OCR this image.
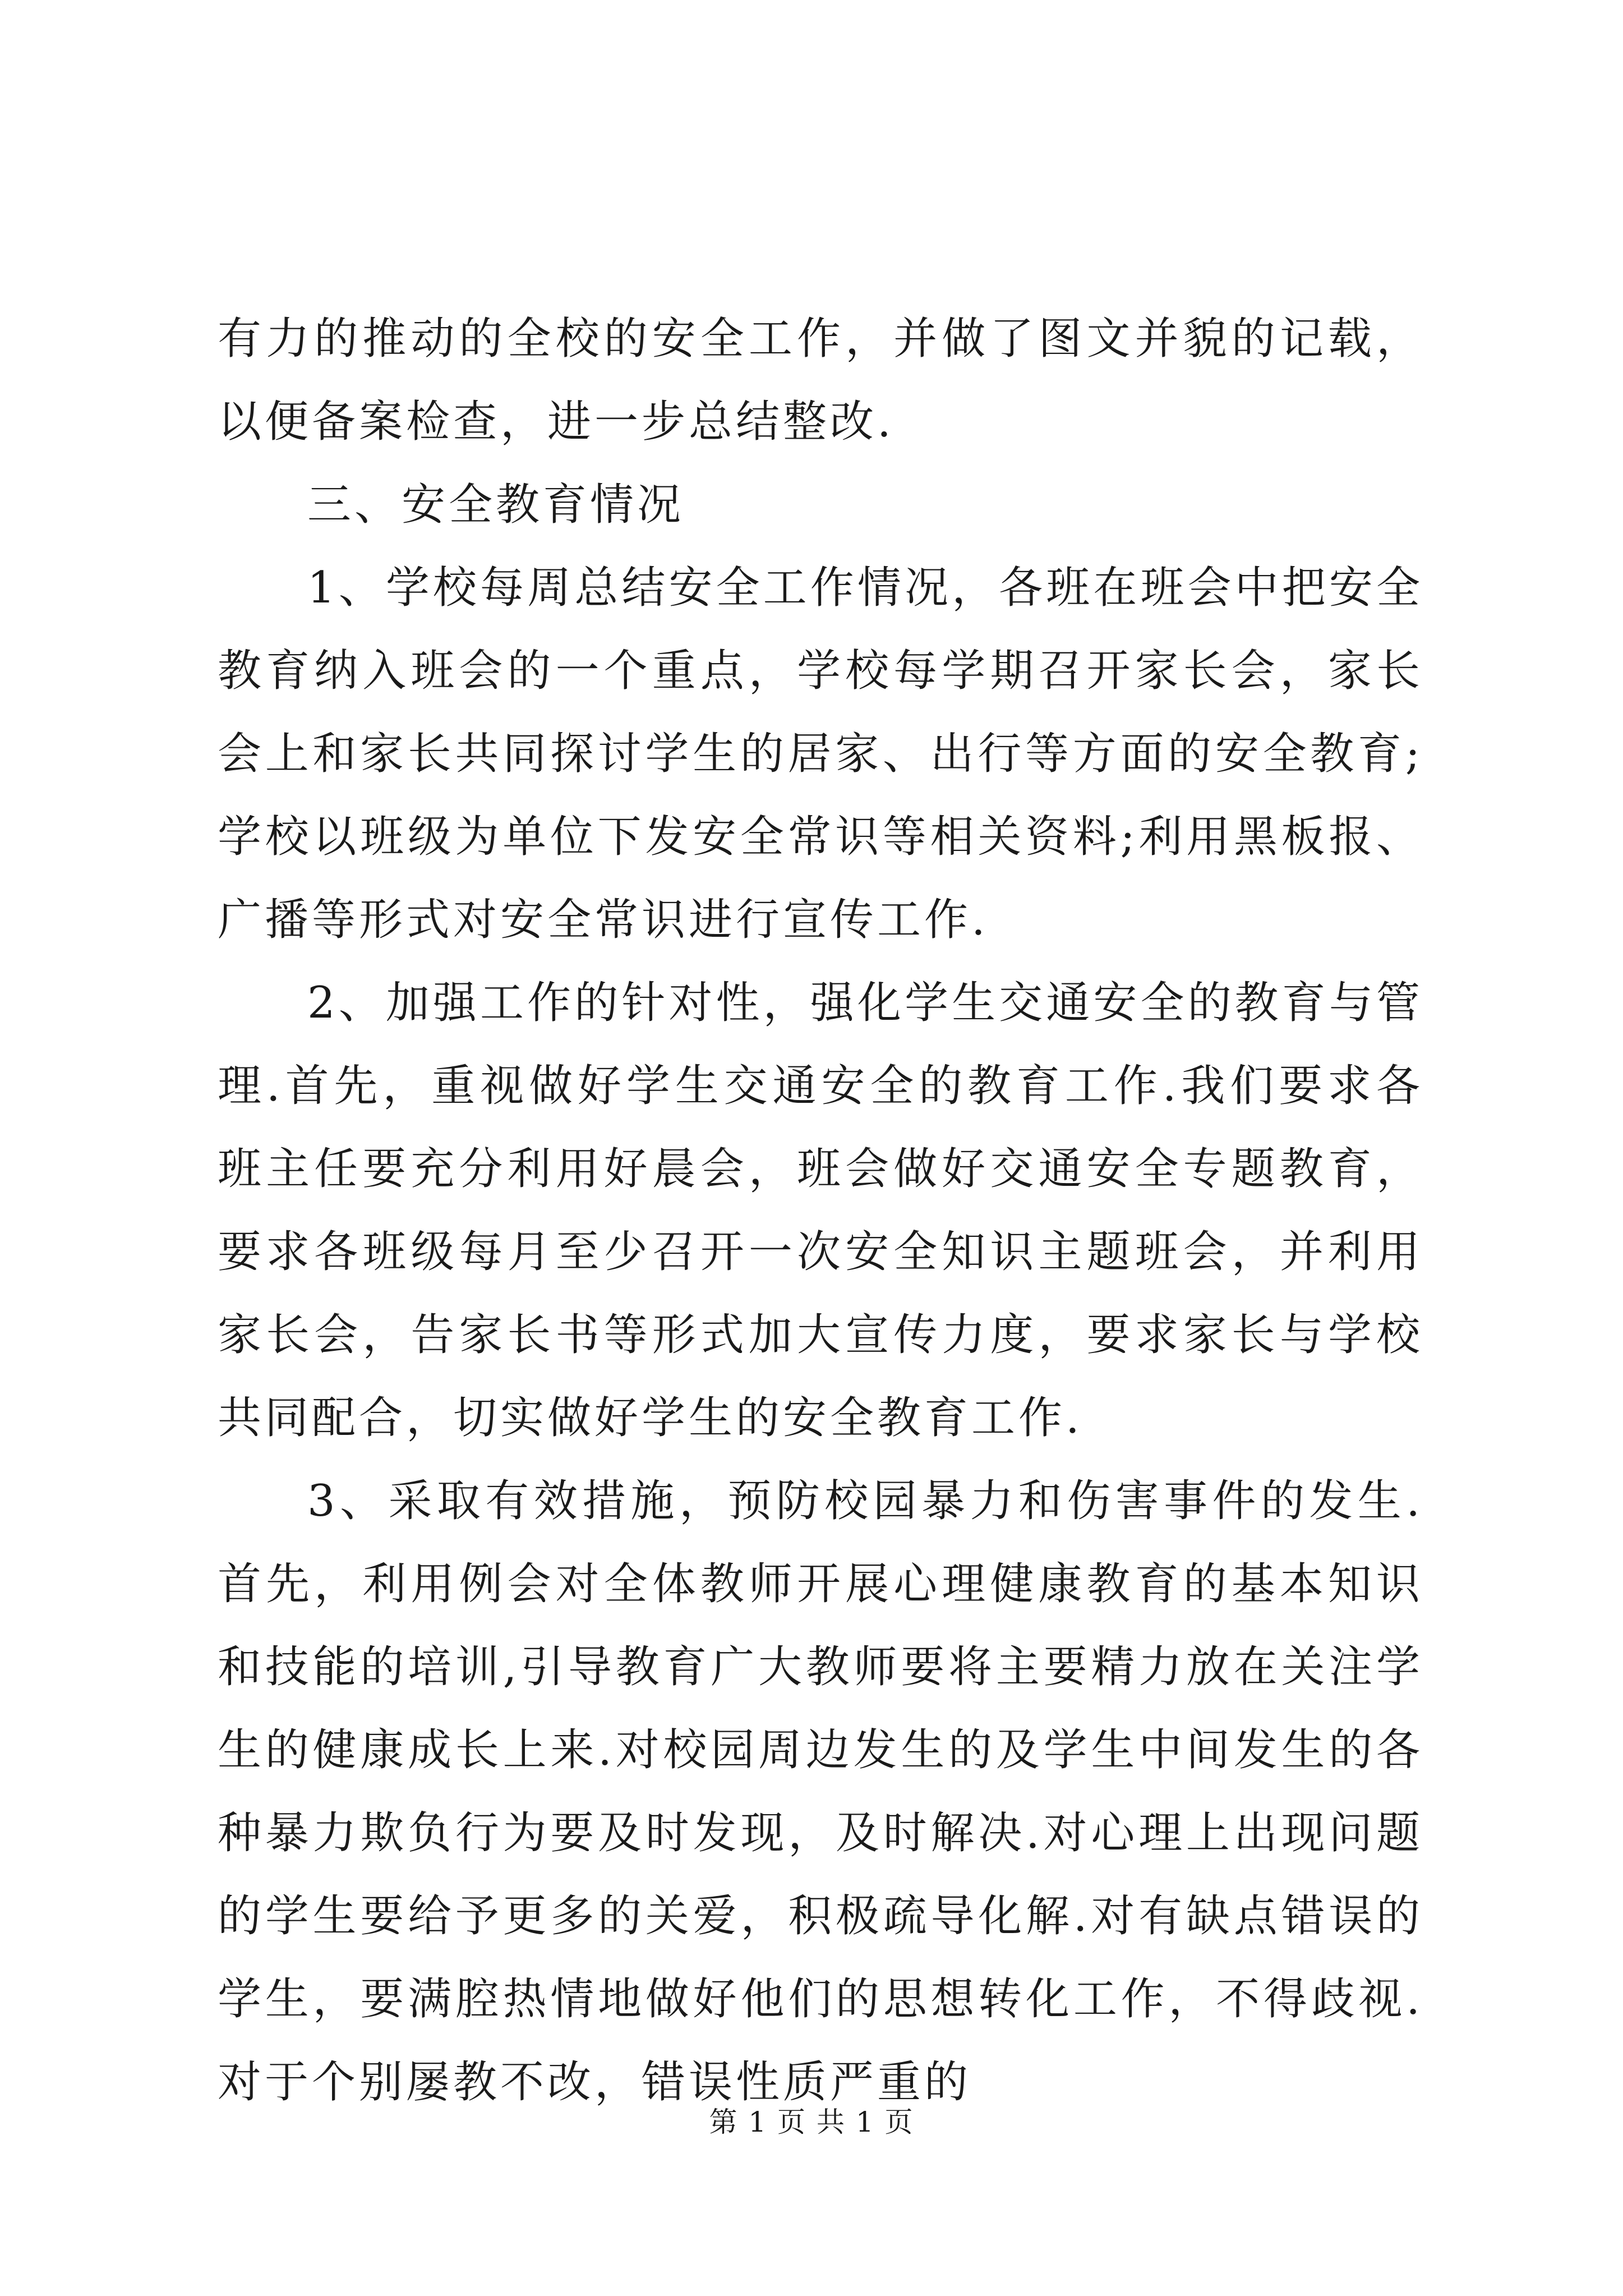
有力的推动的全校的安全工作，并做了图文并貌的记载，以便备案检查，进一步总结整改.

三、安全教育情况

1、学校每周总结安全工作情况，各班在班会中把安全教育纳入班会的一个重点，学校每学期召开家长会，家长会上和家长共同探讨学生的居家、出行等方面的安全教育;学校以班级为单位下发安全常识等相关资料;利用黑板报、广播等形式对安全常识进行宣传工作.

2、加强工作的针对性，强化学生交通安全的教育与管理.首先，重视做好学生交通安全的教育工作.我们要求各班主任要充分利用好晨会，班会做好交通安全专题教育，要求各班级每月至少召开一次安全知识主题班会，并利用家长会，告家长书等形式加大宣传力度，要求家长与学校共同配合，切实做好学生的安全教育工作.

3、采取有效措施，预防校园暴力和伤害事件的发生.首先，利用例会对全体教师开展心理健康教育的基本知识和技能的培训,引导教育广大教师要将主要精力放在关注学生的健康成长上来.对校园周边发生的及学生中间发生的各种暴力欺负行为要及时发现，及时解决.对心理上出现问题的学生要给予更多的关爱，积极疏导化解.对有缺点错误的学生，要满腔热情地做好他们的思想转化工作，不得歧视.对于个别屡教不改，错误性质严重的

第 1 页 共 1 页
